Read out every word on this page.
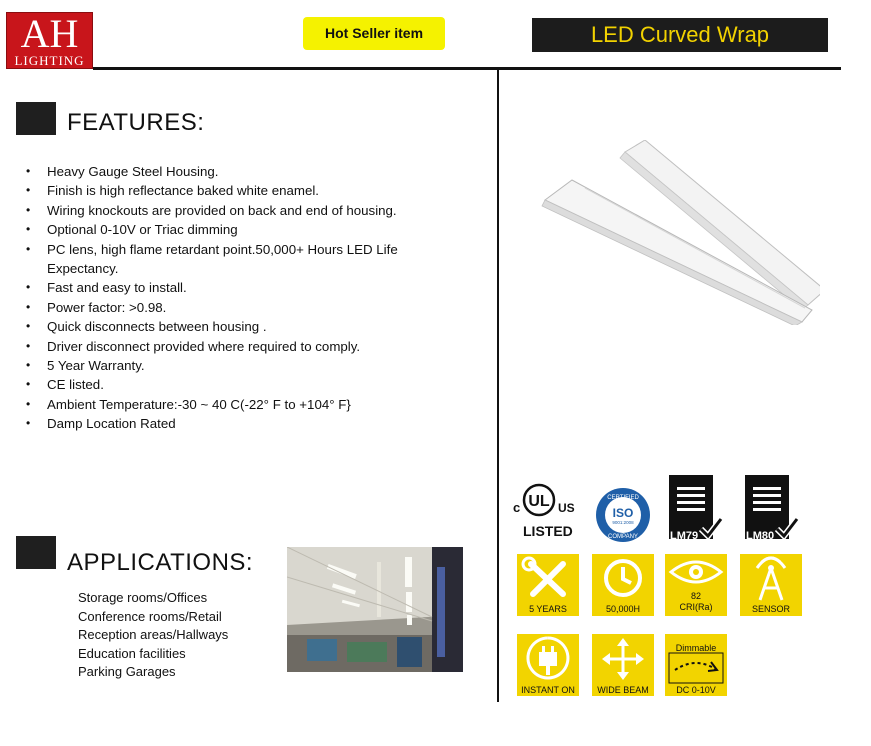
AH
LIGHTING
Hot Seller item	LED Curved Wrap
FEATURES:
• Heavy Gauge Steel Housing.
• Finish is high reflectance baked white enamel.
• Wiring knockouts are provided on back and end of housing.
• Optional 0-10V or Triac dimming
• PC lens, high flame retardant point.50,000+ Hours LED Life Expectancy.
• Fast and easy to install.
• Power factor: >0.98.
• Quick disconnects between housing .
• Driver disconnect provided where required to comply.
• 5 Year Warranty.
• CE listed.
• Ambient Temperature:-30 ~ 40 C(-22° F to +104° F}
• Damp Location Rated
APPLICATIONS:
Storage rooms/Offices
Conference rooms/Retail
Reception areas/Hallways
Education facilities
Parking Garages
c UL US
LISTED
CERTIFIED
ISO
9001:2008
COMPANY	LM79	LM80
5 YEARS	50,000H
82
CRI(Ra)	SENSOR
INSTANT ON	WIDE BEAM
Dimmable
DC 0-10V
